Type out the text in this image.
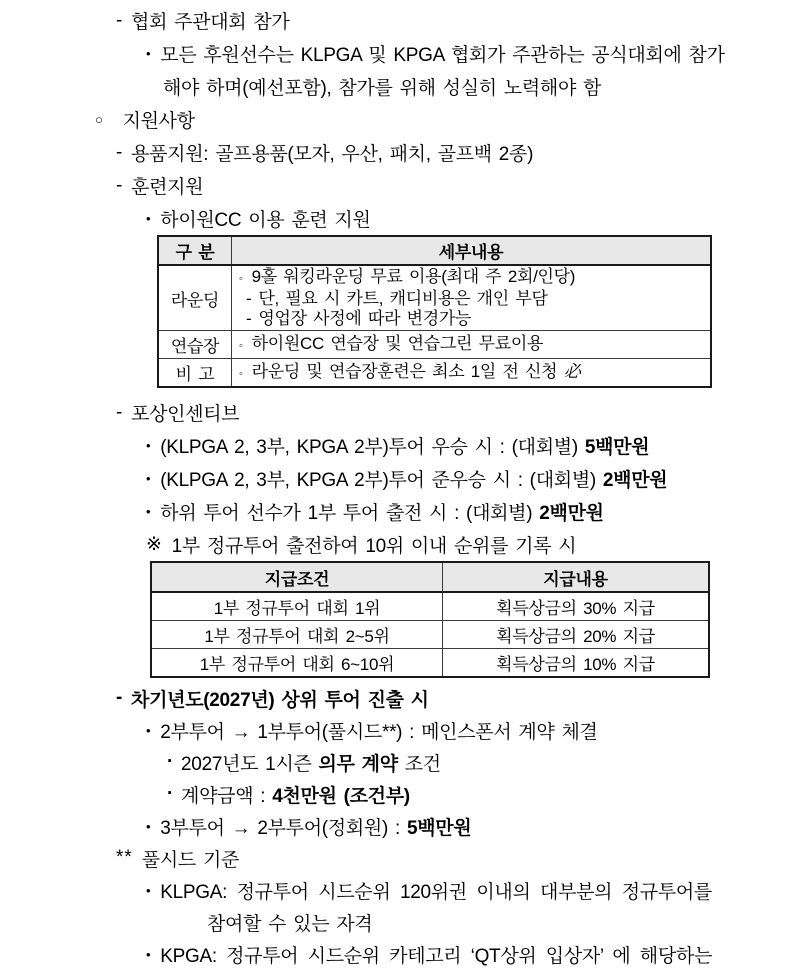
- 협회 주관대회 참가
• 모든 후원선수는 KLPGA 및 KPGA 협회가 주관하는 공식대회에 참가
해야 하며(예선포함), 참가를 위해 성실히 노력해야 함
○ 지원사항
- 용품지원: 골프용품(모자, 우산, 패치, 골프백 2종)
- 훈련지원
• 하이원CC 이용 훈련 지원
구 분	세부내용
라운딩	◦ 9홀 워킹라운딩 무료 이용(최대 주 2회/인당)
- 단, 필요 시 카트, 캐디비용은 개인 부담
- 영업장 사정에 따라 변경가능

연습장	◦ 하이원CC 연습장 및 연습그린 무료이용

비 고	◦ 라운딩 및 연습장훈련은 최소 1일 전 신청 必
- 포상인센티브
• (KLPGA 2, 3부, KPGA 2부)투어 우승 시 : (대회별) 5백만원
• (KLPGA 2, 3부, KPGA 2부)투어 준우승 시 : (대회별) 2백만원
• 하위 투어 선수가 1부 투어 출전 시 : (대회별) 2백만원
※ 1부 정규투어 출전하여 10위 이내 순위를 기록 시
지급조건	지급내용
1부 정규투어 대회 1위	획득상금의 30% 지급
1부 정규투어 대회 2~5위	획득상금의 20% 지급
1부 정규투어 대회 6~10위	획득상금의 10% 지급
- 차기년도(2027년) 상위 투어 진출 시
• 2부투어 → 1부투어(풀시드**) : 메인스폰서 계약 체결
· 2027년도 1시즌 의무 계약 조건
· 계약금액 : 4천만원 (조건부)
• 3부투어 → 2부투어(정회원) : 5백만원
** 풀시드 기준
• KLPGA: 정규투어 시드순위 120위권 이내의 대부분의 정규투어를
참여할 수 있는 자격
• KPGA: 정규투어 시드순위 카테고리 ‘QT상위 입상자’ 에 해당하는
